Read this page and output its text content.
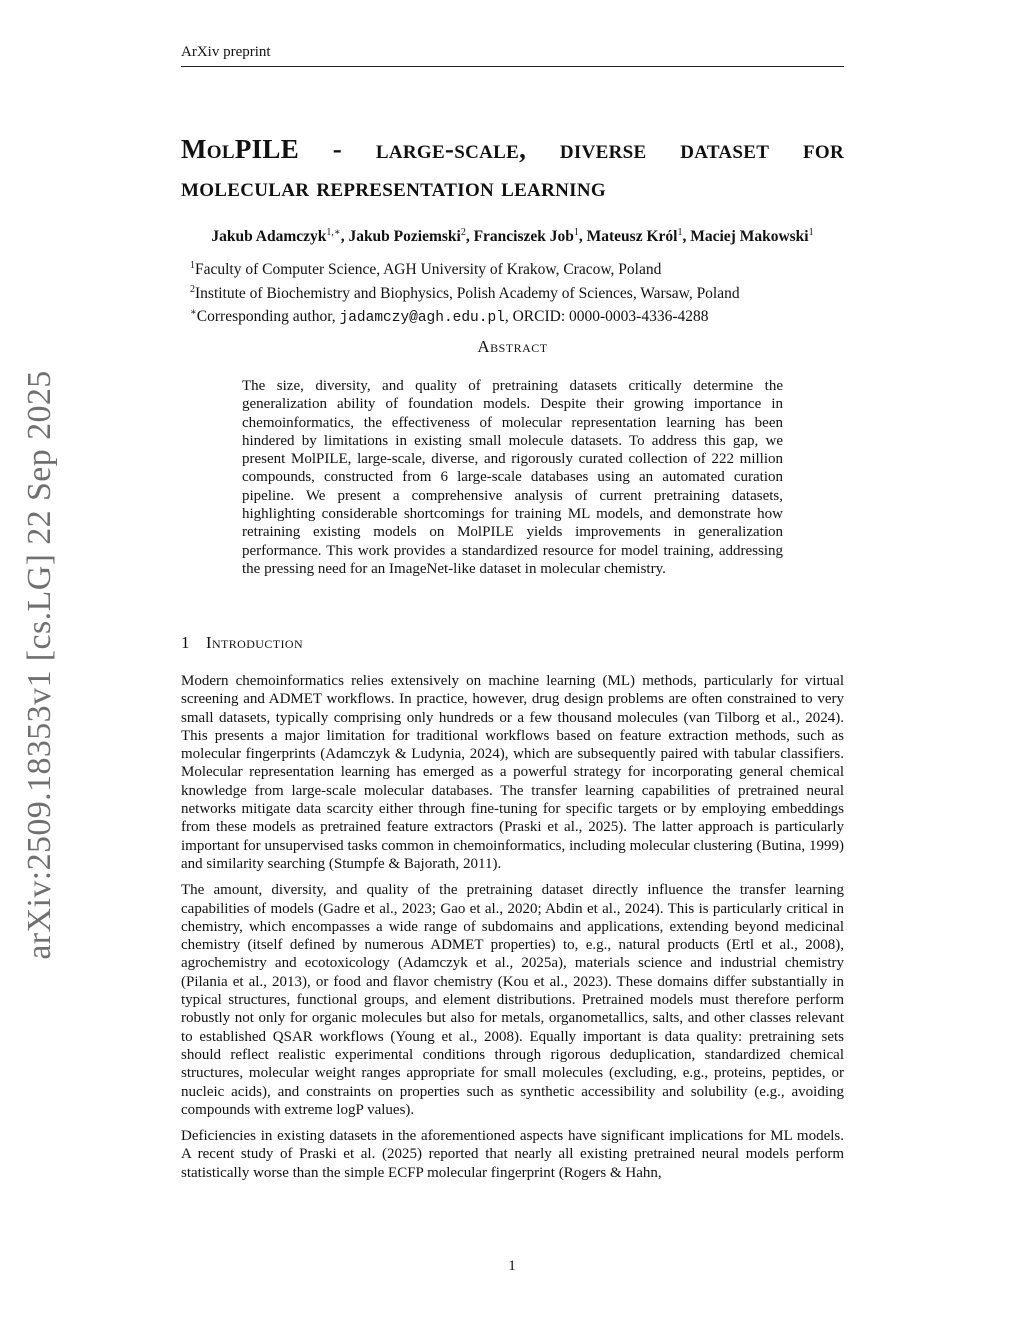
ArXiv preprint
arXiv:2509.18353v1 [cs.LG] 22 Sep 2025
MolPILE - large-scale, diverse dataset for
molecular representation learning
Jakub Adamczyk$^{1,∗}$, Jakub Poziemski$^2$, Franciszek Job$^1$, Mateusz Król$^1$, Maciej Makowski$^1$
$^1$Faculty of Computer Science, AGH University of Krakow, Cracow, Poland
$^2$Institute of Biochemistry and Biophysics, Polish Academy of Sciences, Warsaw, Poland
∗Corresponding author, jadamczy@agh.edu.pl, ORCID: 0000-0003-4336-4288
Abstract
The size, diversity, and quality of pretraining datasets critically determine the generalization ability of foundation models. Despite their growing importance in chemoinformatics, the effectiveness of molecular representation learning has been hindered by limitations in existing small molecule datasets. To address this gap, we present MolPILE, large-scale, diverse, and rigorously curated collection of 222 million compounds, constructed from 6 large-scale databases using an automated curation pipeline. We present a comprehensive analysis of current pretraining datasets, highlighting considerable shortcomings for training ML models, and demonstrate how retraining existing models on MolPILE yields improvements in generalization performance. This work provides a standardized resource for model training, addressing the pressing need for an ImageNet-like dataset in molecular chemistry.
1 Introduction

Modern chemoinformatics relies extensively on machine learning (ML) methods, particularly for virtual screening and ADMET workflows. In practice, however, drug design problems are often constrained to very small datasets, typically comprising only hundreds or a few thousand molecules (van Tilborg et al., 2024). This presents a major limitation for traditional workflows based on feature extraction methods, such as molecular fingerprints (Adamczyk & Ludynia, 2024), which are subsequently paired with tabular classifiers. Molecular representation learning has emerged as a powerful strategy for incorporating general chemical knowledge from large-scale molecular databases. The transfer learning capabilities of pretrained neural networks mitigate data scarcity either through fine-tuning for specific targets or by employing embeddings from these models as pretrained feature extractors (Praski et al., 2025). The latter approach is particularly important for unsupervised tasks common in chemoinformatics, including molecular clustering (Butina, 1999) and similarity searching (Stumpfe & Bajorath, 2011).

The amount, diversity, and quality of the pretraining dataset directly influence the transfer learning capabilities of models (Gadre et al., 2023; Gao et al., 2020; Abdin et al., 2024). This is particularly critical in chemistry, which encompasses a wide range of subdomains and applications, extending beyond medicinal chemistry (itself defined by numerous ADMET properties) to, e.g., natural products (Ertl et al., 2008), agrochemistry and ecotoxicology (Adamczyk et al., 2025a), materials science and industrial chemistry (Pilania et al., 2013), or food and flavor chemistry (Kou et al., 2023). These domains differ substantially in typical structures, functional groups, and element distributions. Pretrained models must therefore perform robustly not only for organic molecules but also for metals, organometallics, salts, and other classes relevant to established QSAR workflows (Young et al., 2008). Equally important is data quality: pretraining sets should reflect realistic experimental conditions through rigorous deduplication, standardized chemical structures, molecular weight ranges appropriate for small molecules (excluding, e.g., proteins, peptides, or nucleic acids), and constraints on properties such as synthetic accessibility and solubility (e.g., avoiding compounds with extreme logP values).

Deficiencies in existing datasets in the aforementioned aspects have significant implications for ML models. A recent study of Praski et al. (2025) reported that nearly all existing pretrained neural models perform statistically worse than the simple ECFP molecular fingerprint (Rogers & Hahn,

1
